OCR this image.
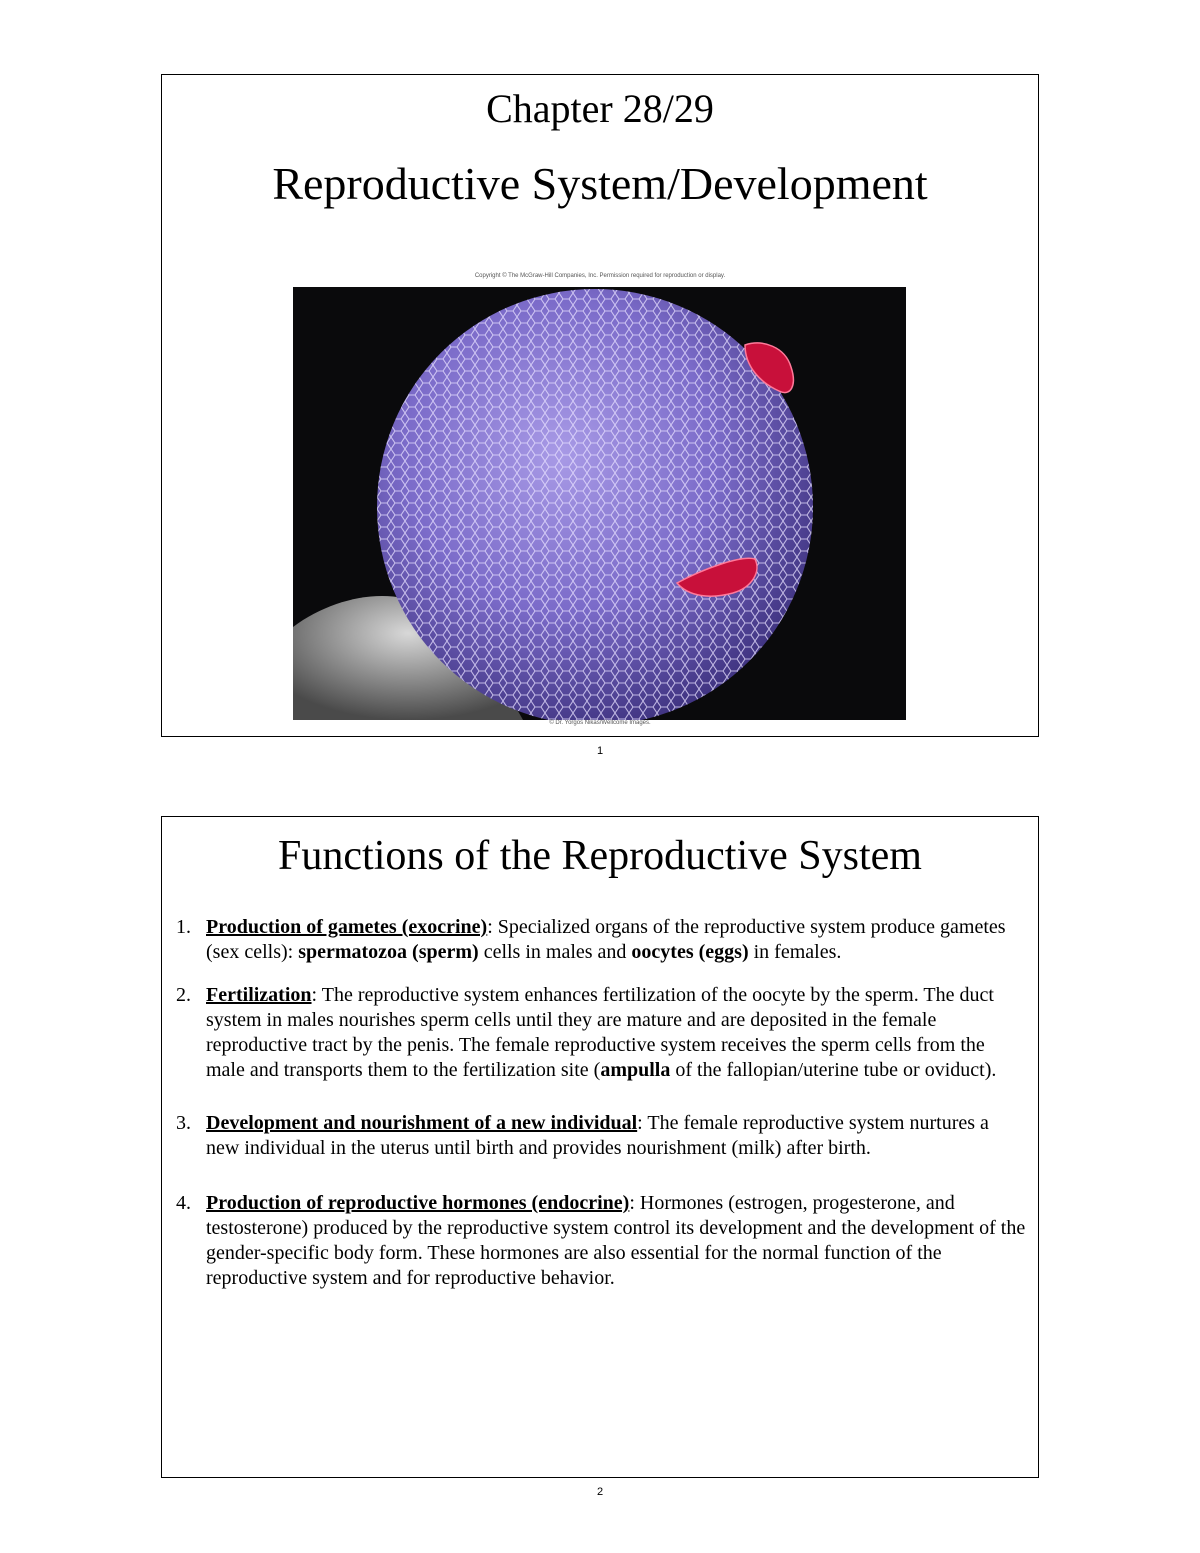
Chapter 28/29
Reproductive System/Development
Copyright © The McGraw-Hill Companies, Inc. Permission required for reproduction or display.
© Dr. Yorgos Nikas/Wellcome Images.
1
Functions of the Reproductive System
1. Production of gametes (exocrine): Specialized organs of the reproductive system produce gametes (sex cells): spermatozoa (sperm) cells in males and oocytes (eggs) in females.
2. Fertilization: The reproductive system enhances fertilization of the oocyte by the sperm. The duct system in males nourishes sperm cells until they are mature and are deposited in the female reproductive tract by the penis. The female reproductive system receives the sperm cells from the male and transports them to the fertilization site (ampulla of the fallopian/uterine tube or oviduct).
3. Development and nourishment of a new individual: The female reproductive system nurtures a new individual in the uterus until birth and provides nourishment (milk) after birth.
4. Production of reproductive hormones (endocrine): Hormones (estrogen, progesterone, and testosterone) produced by the reproductive system control its development and the development of the gender-specific body form. These hormones are also essential for the normal function of the reproductive system and for reproductive behavior.
2
